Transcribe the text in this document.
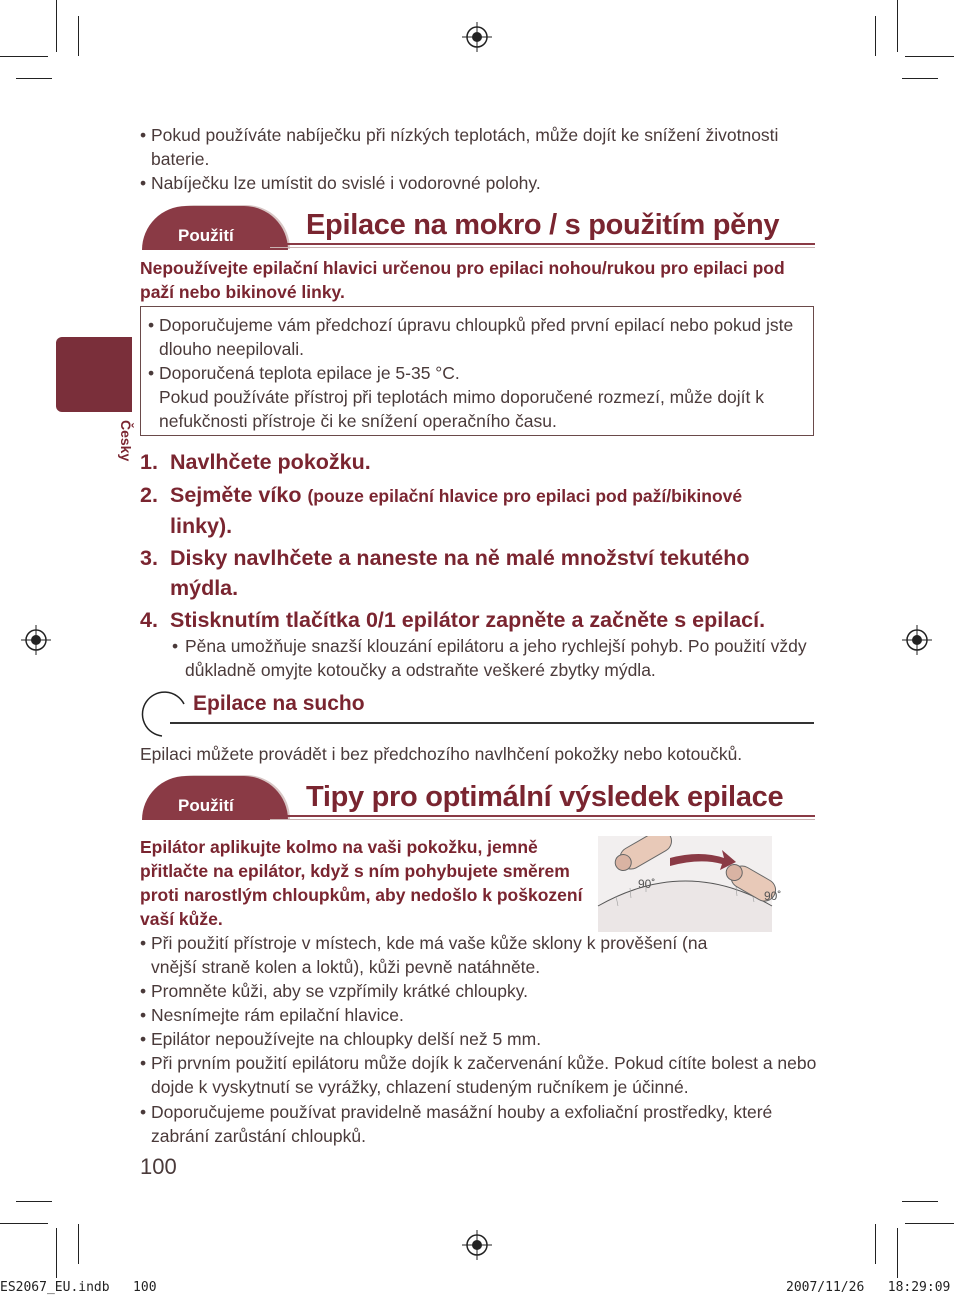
Česky
• Pokud používáte nabíječku při nízkých teplotách, může dojít ke snížení životnosti baterie.
• Nabíječku lze umístit do svislé i vodorovné polohy.
Použití Epilace na mokro / s použitím pěny
Nepoužívejte epilační hlavici určenou pro epilaci nohou/rukou pro epilaci pod paží nebo bikinové linky.
• Doporučujeme vám předchozí úpravu chloupků před první epilací nebo pokud jste dlouho neepilovali.
• Doporučená teplota epilace je 5-35 °C.
Pokud používáte přístroj při teplotách mimo doporučené rozmezí, může dojít k nefukčnosti přístroje či ke snížení operačního času.
1. Navlhčete pokožku.
2. Sejměte víko (pouze epilační hlavice pro epilaci pod paží/bikinové
linky).
3. Disky navlhčete a naneste na ně malé množství tekutého mýdla.
4. Stisknutím tlačítka 0/1 epilátor zapněte a začněte s epilací.
• Pěna umožňuje snazší klouzání epilátoru a jeho rychlejší pohyb. Po použití vždy důkladně omyjte kotoučky a odstraňte veškeré zbytky mýdla.
Epilace na sucho
Epilaci můžete provádět i bez předchozího navlhčení pokožky nebo kotoučků.
Použití Tipy pro optimální výsledek epilace
Epilátor aplikujte kolmo na vaši pokožku, jemně přitlačte na epilátor, když s ním pohybujete směrem proti narostlým chloupkům, aby nedošlo k poškození vaší kůže.
90˚
90˚
• Při použití přístroje v místech, kde má vaše kůže sklony k prověšení (na vnější straně kolen a loktů), kůži pevně natáhněte.
• Promněte kůži, aby se vzpřímily krátké chloupky.
• Nesnímejte rám epilační hlavice.
• Epilátor nepoužívejte na chloupky delší než 5 mm.
• Při prvním použití epilátoru může dojík k začervenání kůže. Pokud cítíte bolest a nebo dojde k vyskytnutí se vyrážky, chlazení studeným ručníkem je účinné.
• Doporučujeme používat pravidelně masážní houby a exfoliační prostředky, které zabrání zarůstání chloupků.
100
ES2067_EU.indb   100	2007/11/26   18:29:09
